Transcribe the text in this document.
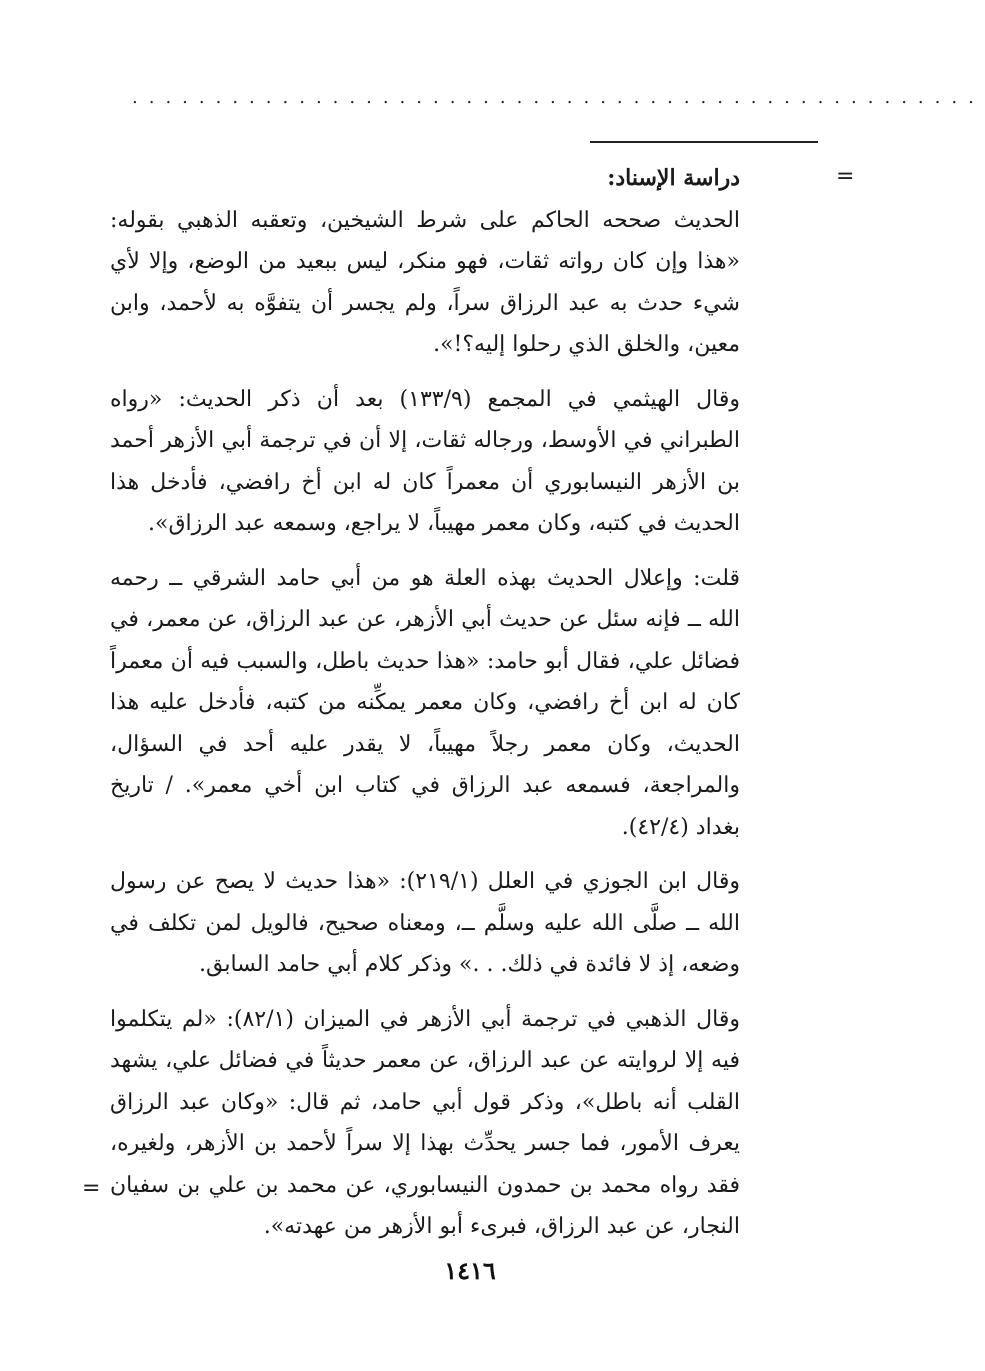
...................................................
=
=

دراسة الإسناد:

الحديث صححه الحاكم على شرط الشيخين، وتعقبه الذهبي بقوله: «هذا وإن كان رواته ثقات، فهو منكر، ليس ببعيد من الوضع، وإلا لأي شيء حدث به عبد الرزاق سراً، ولم يجسر أن يتفوَّه به لأحمد، وابن معين، والخلق الذي رحلوا إليه؟!».

وقال الهيثمي في المجمع (١٣٣/٩) بعد أن ذكر الحديث: «رواه الطبراني في الأوسط، ورجاله ثقات، إلا أن في ترجمة أبي الأزهر أحمد بن الأزهر النيسابوري أن معمراً كان له ابن أخ رافضي، فأدخل هذا الحديث في كتبه، وكان معمر مهيباً، لا يراجع، وسمعه عبد الرزاق».

قلت: وإعلال الحديث بهذه العلة هو من أبي حامد الشرقي ــ رحمه الله ــ فإنه سئل عن حديث أبي الأزهر، عن عبد الرزاق، عن معمر، في فضائل علي، فقال أبو حامد: «هذا حديث باطل، والسبب فيه أن معمراً كان له ابن أخ رافضي، وكان معمر يمكِّنه من كتبه، فأدخل عليه هذا الحديث، وكان معمر رجلاً مهيباً، لا يقدر عليه أحد في السؤال، والمراجعة، فسمعه عبد الرزاق في كتاب ابن أخي معمر». / تاريخ بغداد (٤٢/٤).

وقال ابن الجوزي في العلل (٢١٩/١): «هذا حديث لا يصح عن رسول الله ــ صلَّى الله عليه وسلَّم ــ، ومعناه صحيح، فالويل لمن تكلف في وضعه، إذ لا فائدة في ذلك. . .» وذكر كلام أبي حامد السابق.

وقال الذهبي في ترجمة أبي الأزهر في الميزان (٨٢/١): «لم يتكلموا فيه إلا لروايته عن عبد الرزاق، عن معمر حديثاً في فضائل علي، يشهد القلب أنه باطل»، وذكر قول أبي حامد، ثم قال: «وكان عبد الرزاق يعرف الأمور، فما جسر يحدِّث بهذا إلا سراً لأحمد بن الأزهر، ولغيره، فقد رواه محمد بن حمدون النيسابوري، عن محمد بن علي بن سفيان النجار، عن عبد الرزاق، فبرىء أبو الأزهر من عهدته».

١٤١٦
